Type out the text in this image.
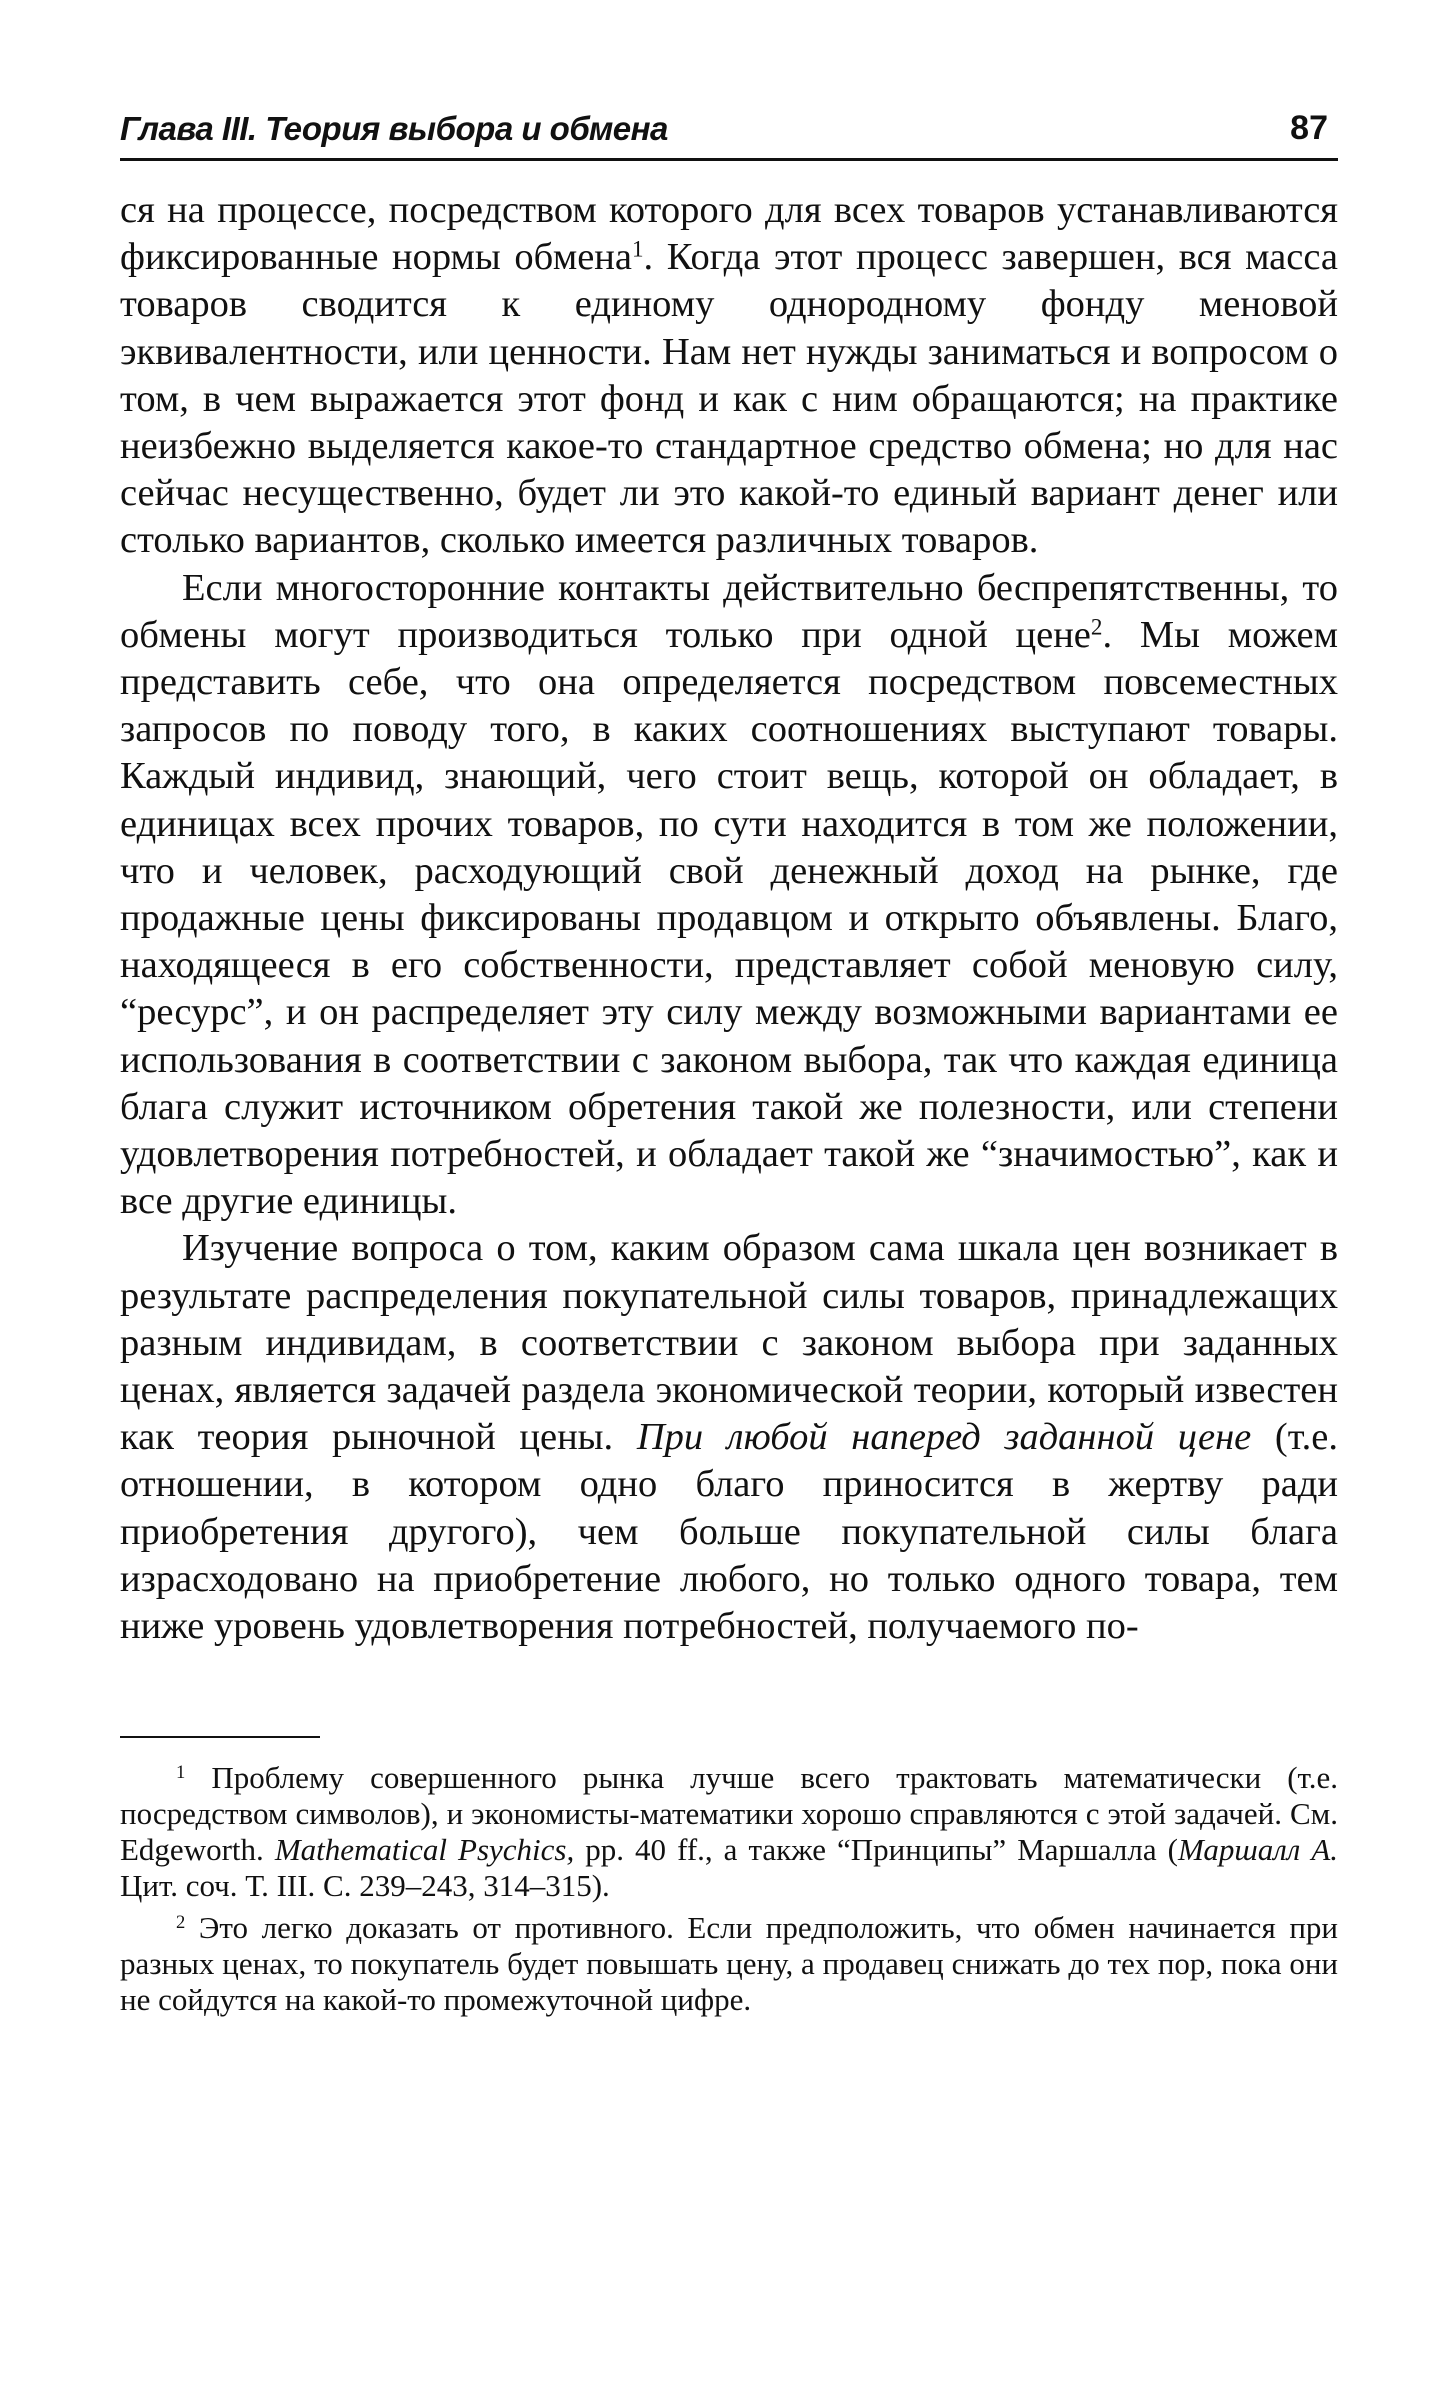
Глава III. Теория выбора и обмена	87

ся на процессе, посредством которого для всех товаров устанавливаются фиксированные нормы обмена$^1$. Когда этот процесс завершен, вся масса товаров сводится к единому однородному фонду меновой эквивалентности, или ценности. Нам нет нужды заниматься и вопросом о том, в чем выражается этот фонд и как с ним обращаются; на практике неизбежно выделяется какое-то стандартное средство обмена; но для нас сейчас несущественно, будет ли это какой-то единый вариант денег или столько вариантов, сколько имеется различных товаров.

Если многосторонние контакты действительно беспрепятственны, то обмены могут производиться только при одной цене$^2$. Мы можем представить себе, что она определяется посредством повсеместных запросов по поводу того, в каких соотношениях выступают товары. Каждый индивид, знающий, чего стоит вещь, которой он обладает, в единицах всех прочих товаров, по сути находится в том же положении, что и человек, расходующий свой денежный доход на рынке, где продажные цены фиксированы продавцом и открыто объявлены. Благо, находящееся в его собственности, представляет собой меновую силу, “ресурс”, и он распределяет эту силу между возможными вариантами ее использования в соответствии с законом выбора, так что каждая единица блага служит источником обретения такой же полезности, или степени удовлетворения потребностей, и обладает такой же “значимостью”, как и все другие единицы.

Изучение вопроса о том, каким образом сама шкала цен возникает в результате распределения покупательной силы товаров, принадлежащих разным индивидам, в соответствии с законом выбора при заданных ценах, является задачей раздела экономической теории, который известен как теория рыночной цены. При любой наперед заданной цене (т.е. отношении, в котором одно благо приносится в жертву ради приобретения другого), чем больше покупательной силы блага израсходовано на приобретение любого, но только одного товара, тем ниже уровень удовлетворения потребностей, получаемого по-

$^1$ Проблему совершенного рынка лучше всего трактовать математически (т.е. посредством символов), и экономисты-математики хорошо справляются с этой задачей. См. Edgeworth. Mathematical Psychics, pp. 40 ff., а также “Принципы” Маршалла (Маршалл А. Цит. соч. Т. III. С. 239–243, 314–315).

$^2$ Это легко доказать от противного. Если предположить, что обмен начинается при разных ценах, то покупатель будет повышать цену, а продавец снижать до тех пор, пока они не сойдутся на какой-то промежуточной цифре.
